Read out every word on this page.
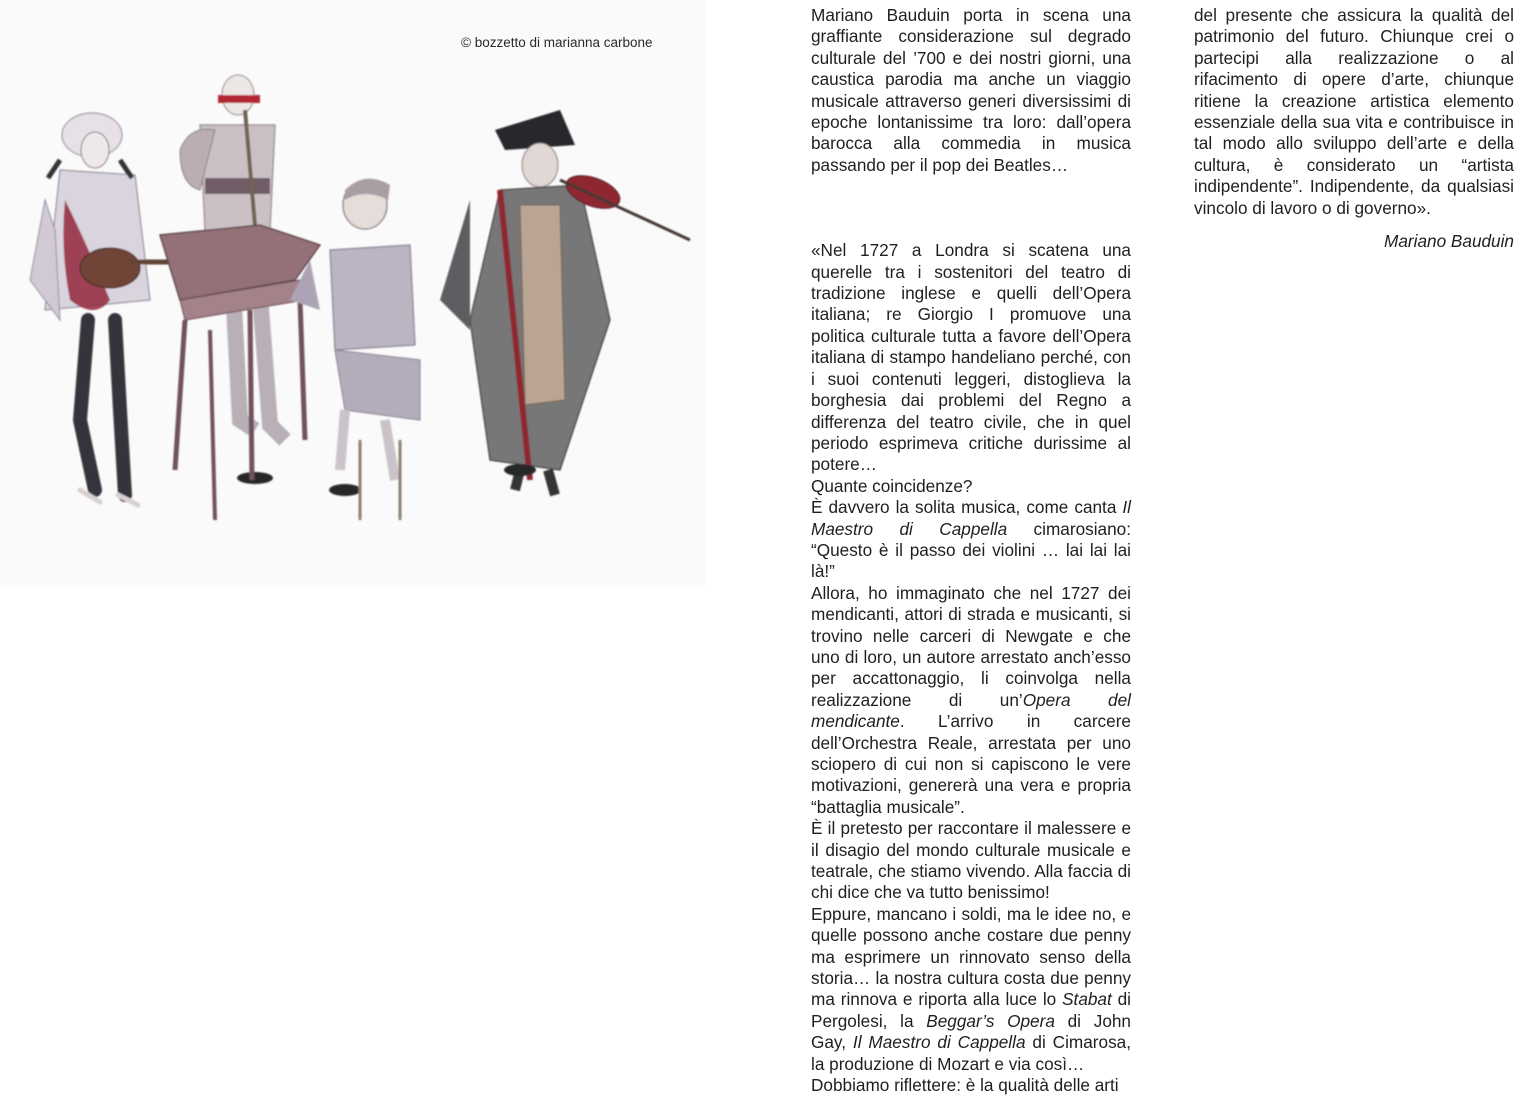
© bozzetto di marianna carbone

Mariano Bauduin porta in scena una graffiante considerazione sul degrado culturale del ’700 e dei nostri giorni, una caustica parodia ma anche un viaggio musicale attraverso generi diversissimi di epoche lontanissime tra loro: dall’opera barocca alla commedia in musica passando per il pop dei Beatles…

«Nel 1727 a Londra si scatena una querelle tra i sostenitori del teatro di tradizione inglese e quelli dell’Opera italiana; re Giorgio I promuove una politica culturale tutta a favore dell’Opera italiana di stampo handeliano perché, con i suoi contenuti leggeri, distoglieva la borghesia dai problemi del Regno a differenza del teatro civile, che in quel periodo esprimeva critiche durissime al potere…

Quante coincidenze?

È davvero la solita musica, come canta Il Maestro di Cappella cimarosiano: “Questo è il passo dei violini … lai lai lai là!”

Allora, ho immaginato che nel 1727 dei mendicanti, attori di strada e musicanti, si trovino nelle carceri di Newgate e che uno di loro, un autore arrestato anch’esso per accattonaggio, li coinvolga nella realizzazione di un’Opera del mendicante. L’arrivo in carcere dell’Orchestra Reale, arrestata per uno sciopero di cui non si capiscono le vere motivazioni, genererà una vera e propria “battaglia musicale”.

È il pretesto per raccontare il malessere e il disagio del mondo culturale musicale e teatrale, che stiamo vivendo. Alla faccia di chi dice che va tutto benissimo!

Eppure, mancano i soldi, ma le idee no, e quelle possono anche costare due penny ma esprimere un rinnovato senso della storia… la nostra cultura costa due penny ma rinnova e riporta alla luce lo Stabat di Pergolesi, la Beggar’s Opera di John Gay, Il Maestro di Cappella di Cimarosa, la produzione di Mozart e via così…

Dobbiamo riflettere: è la qualità delle arti

del presente che assicura la qualità del patrimonio del futuro. Chiunque crei o partecipi alla realizzazione o al rifacimento di opere d’arte, chiunque ritiene la creazione artistica elemento essenziale della sua vita e contribuisce in tal modo allo sviluppo dell’arte e della cultura, è considerato un “artista indipendente”. Indipendente, da qualsiasi vincolo di lavoro o di governo».

Mariano Bauduin
